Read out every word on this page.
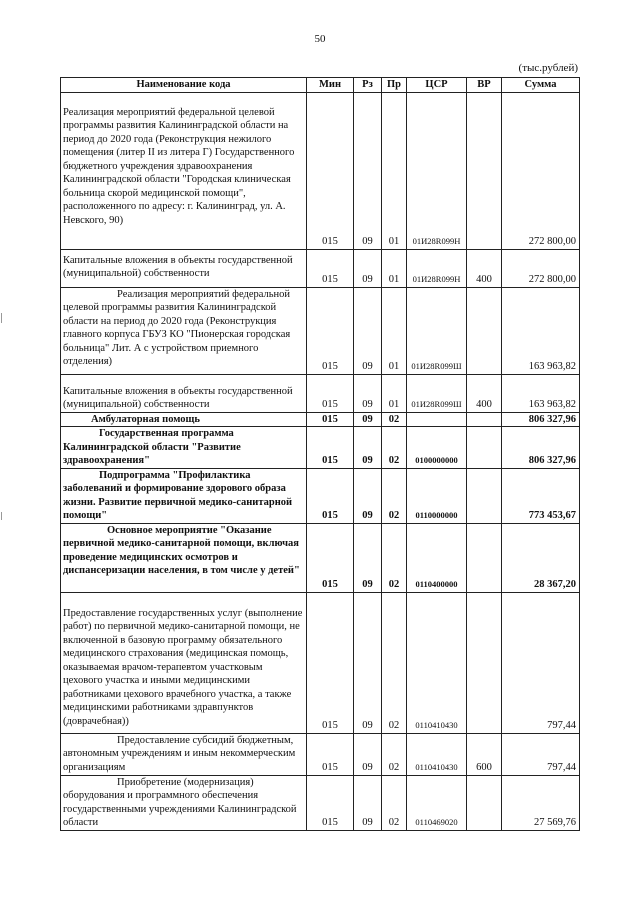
50
(тыс.рублей)
Наименование кода	Мин	Рз	Пр	ЦСР	ВР	Сумма

Реализация мероприятий федеральной целевой программы развития Калининградской области на период до 2020 года (Реконструкция нежилого помещения (литер II из литера Г) Государственного бюджетного учреждения здравоохранения Калининградской области "Городская клиническая больница скорой медицинской помощи", расположенного по адресу: г. Калининград, ул. А. Невского, 90)	015	09	01	01И28R099Н		272 800,00

Капитальные вложения в объекты государственной (муниципальной) собственности	015	09	01	01И28R099Н	400	272 800,00
Реализация мероприятий федеральной целевой программы развития Калининградской области на период до 2020 года (Реконструкция главного корпуса ГБУЗ КО "Пионерская городская больница" Лит. А с устройством приемного отделения)	015	09	01	01И28R099Ш		163 963,82

Капитальные вложения в объекты государственной (муниципальной) собственности	015	09	01	01И28R099Ш	400	163 963,82
Амбулаторная помощь	015	09	02			806 327,96
Государственная программа Калининградской области "Развитие здравоохранения"	015	09	02	0100000000		806 327,96
Подпрограмма "Профилактика заболеваний и формирование здорового образа жизни. Развитие первичной медико-санитарной помощи"	015	09	02	0110000000		773 453,67
Основное мероприятие "Оказание первичной медико-санитарной помощи, включая проведение медицинских осмотров и диспансеризации населения, в том числе у детей"	015	09	02	0110400000		28 367,20

Предоставление государственных услуг (выполнение работ) по первичной медико-санитарной помощи, не включенной в базовую программу обязательного медицинского страхования (медицинская помощь, оказываемая врачом-терапевтом участковым цехового участка и иными медицинскими работниками цехового врачебного участка, а также медицинскими работниками здравпунктов (доврачебная))	015	09	02	0110410430		797,44
Предоставление субсидий бюджетным, автономным учреждениям и иным некоммерческим организациям	015	09	02	0110410430	600	797,44
Приобретение (модернизация) оборудования и программного обеспечения государственными учреждениями Калининградской области	015	09	02	0110469020		27 569,76
